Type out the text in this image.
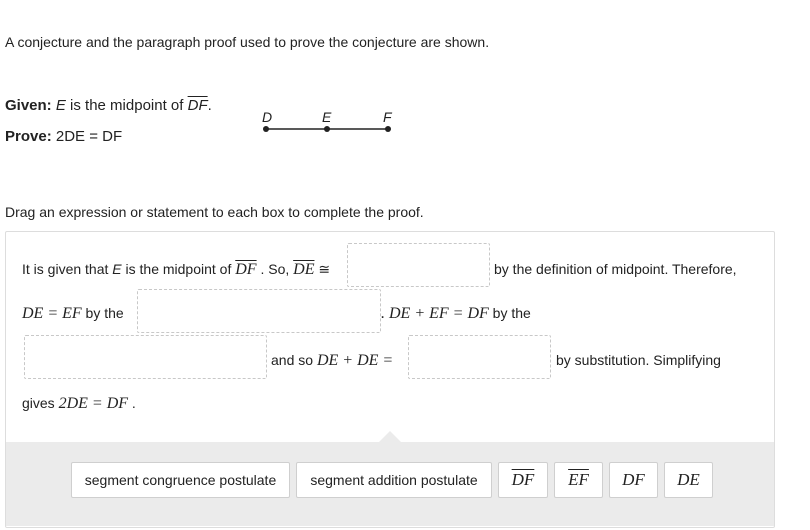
A conjecture and the paragraph proof used to prove the conjecture are shown.
Given: E is the midpoint of $\overline{DF}$.
Prove: 2DE = DF
D	E	F
Drag an expression or statement to each box to complete the proof.
It is given that E is the midpoint of $\overline{DF}$ . So, $\overline{DE}$ ≅	by the definition of midpoint. Therefore,
DE = EF by the	. DE + EF = DF by the
and so DE + DE =	by substitution. Simplifying
gives 2DE = DF .
segment congruence postulate segment addition postulate $\overline{DF}$ $\overline{EF}$ DF DE
